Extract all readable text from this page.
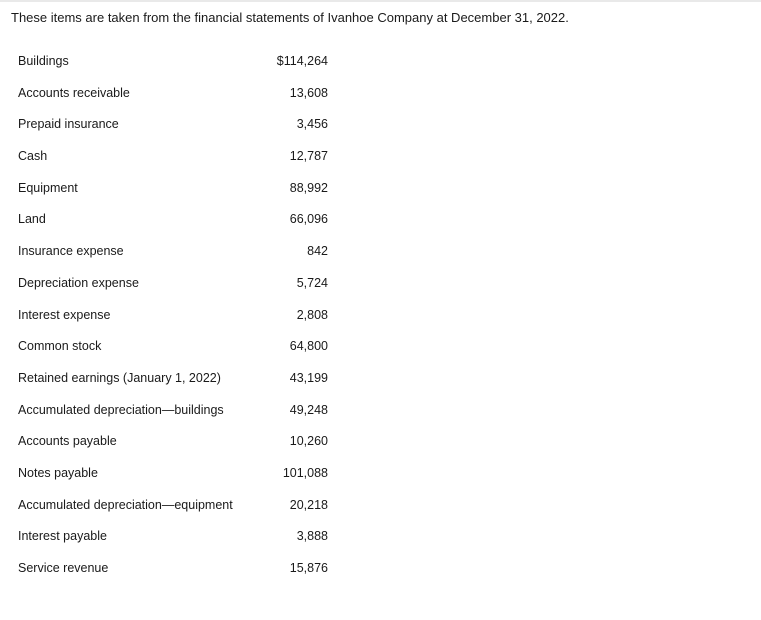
These items are taken from the financial statements of Ivanhoe Company at December 31, 2022.
Buildings	$114,264
Accounts receivable	13,608
Prepaid insurance	3,456
Cash	12,787
Equipment	88,992
Land	66,096
Insurance expense	842
Depreciation expense	5,724
Interest expense	2,808
Common stock	64,800
Retained earnings (January 1, 2022)	43,199
Accumulated depreciation—buildings	49,248
Accounts payable	10,260
Notes payable	101,088
Accumulated depreciation—equipment	20,218
Interest payable	3,888
Service revenue	15,876
